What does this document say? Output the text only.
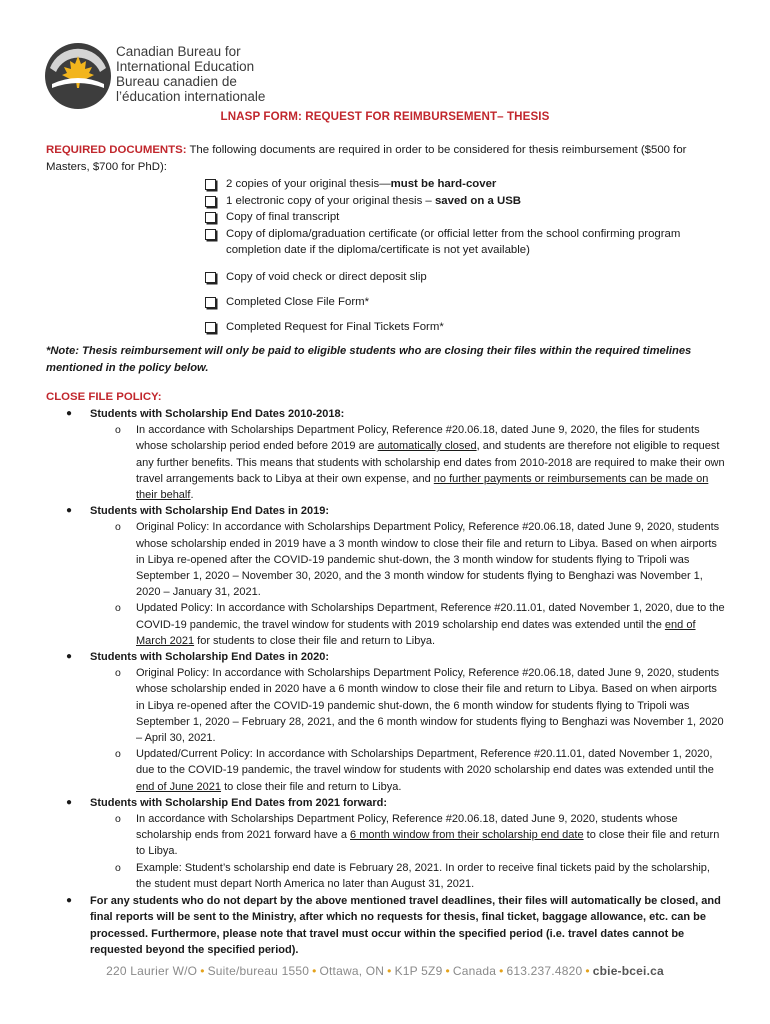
Canadian Bureau for
International Education
Bureau canadien de
l’éducation internationale
LNASP FORM: REQUEST FOR REIMBURSEMENT– THESIS
REQUIRED DOCUMENTS: The following documents are required in order to be considered for thesis reimbursement ($500 for Masters, $700 for PhD):
2 copies of your original thesis—must be hard-cover
1 electronic copy of your original thesis – saved on a USB
Copy of final transcript
Copy of diploma/graduation certificate (or official letter from the school confirming program completion date if the diploma/certificate is not yet available)
Copy of void check or direct deposit slip
Completed Close File Form*
Completed Request for Final Tickets Form*
*Note: Thesis reimbursement will only be paid to eligible students who are closing their files within the required timelines mentioned in the policy below.
CLOSE FILE POLICY:
● Students with Scholarship End Dates 2010-2018:
o In accordance with Scholarships Department Policy, Reference #20.06.18, dated June 9, 2020, the files for students whose scholarship period ended before 2019 are automatically closed, and students are therefore not eligible to request any further benefits. This means that students with scholarship end dates from 2010-2018 are required to make their own travel arrangements back to Libya at their own expense, and no further payments or reimbursements can be made on their behalf.
● Students with Scholarship End Dates in 2019:
o Original Policy: In accordance with Scholarships Department Policy, Reference #20.06.18, dated June 9, 2020, students whose scholarship ended in 2019 have a 3 month window to close their file and return to Libya. Based on when airports in Libya re-opened after the COVID-19 pandemic shut-down, the 3 month window for students flying to Tripoli was September 1, 2020 – November 30, 2020, and the 3 month window for students flying to Benghazi was November 1, 2020 – January 31, 2021.
o Updated Policy: In accordance with Scholarships Department, Reference #20.11.01, dated November 1, 2020, due to the COVID-19 pandemic, the travel window for students with 2019 scholarship end dates was extended until the end of March 2021 for students to close their file and return to Libya.
● Students with Scholarship End Dates in 2020:
o Original Policy: In accordance with Scholarships Department Policy, Reference #20.06.18, dated June 9, 2020, students whose scholarship ended in 2020 have a 6 month window to close their file and return to Libya. Based on when airports in Libya re-opened after the COVID-19 pandemic shut-down, the 6 month window for students flying to Tripoli was September 1, 2020 – February 28, 2021, and the 6 month window for students flying to Benghazi was November 1, 2020 – April 30, 2021.
o Updated/Current Policy: In accordance with Scholarships Department, Reference #20.11.01, dated November 1, 2020, due to the COVID-19 pandemic, the travel window for students with 2020 scholarship end dates was extended until the end of June 2021 to close their file and return to Libya.
● Students with Scholarship End Dates from 2021 forward:
o In accordance with Scholarships Department Policy, Reference #20.06.18, dated June 9, 2020, students whose scholarship ends from 2021 forward have a 6 month window from their scholarship end date to close their file and return to Libya.
o Example: Student’s scholarship end date is February 28, 2021. In order to receive final tickets paid by the scholarship, the student must depart North America no later than August 31, 2021.
● For any students who do not depart by the above mentioned travel deadlines, their files will automatically be closed, and final reports will be sent to the Ministry, after which no requests for thesis, final ticket, baggage allowance, etc. can be processed. Furthermore, please note that travel must occur within the specified period (i.e. travel dates cannot be requested beyond the specified period).
220 Laurier W/O • Suite/bureau 1550 • Ottawa, ON • K1P 5Z9 • Canada • 613.237.4820 • cbie-bcei.ca
